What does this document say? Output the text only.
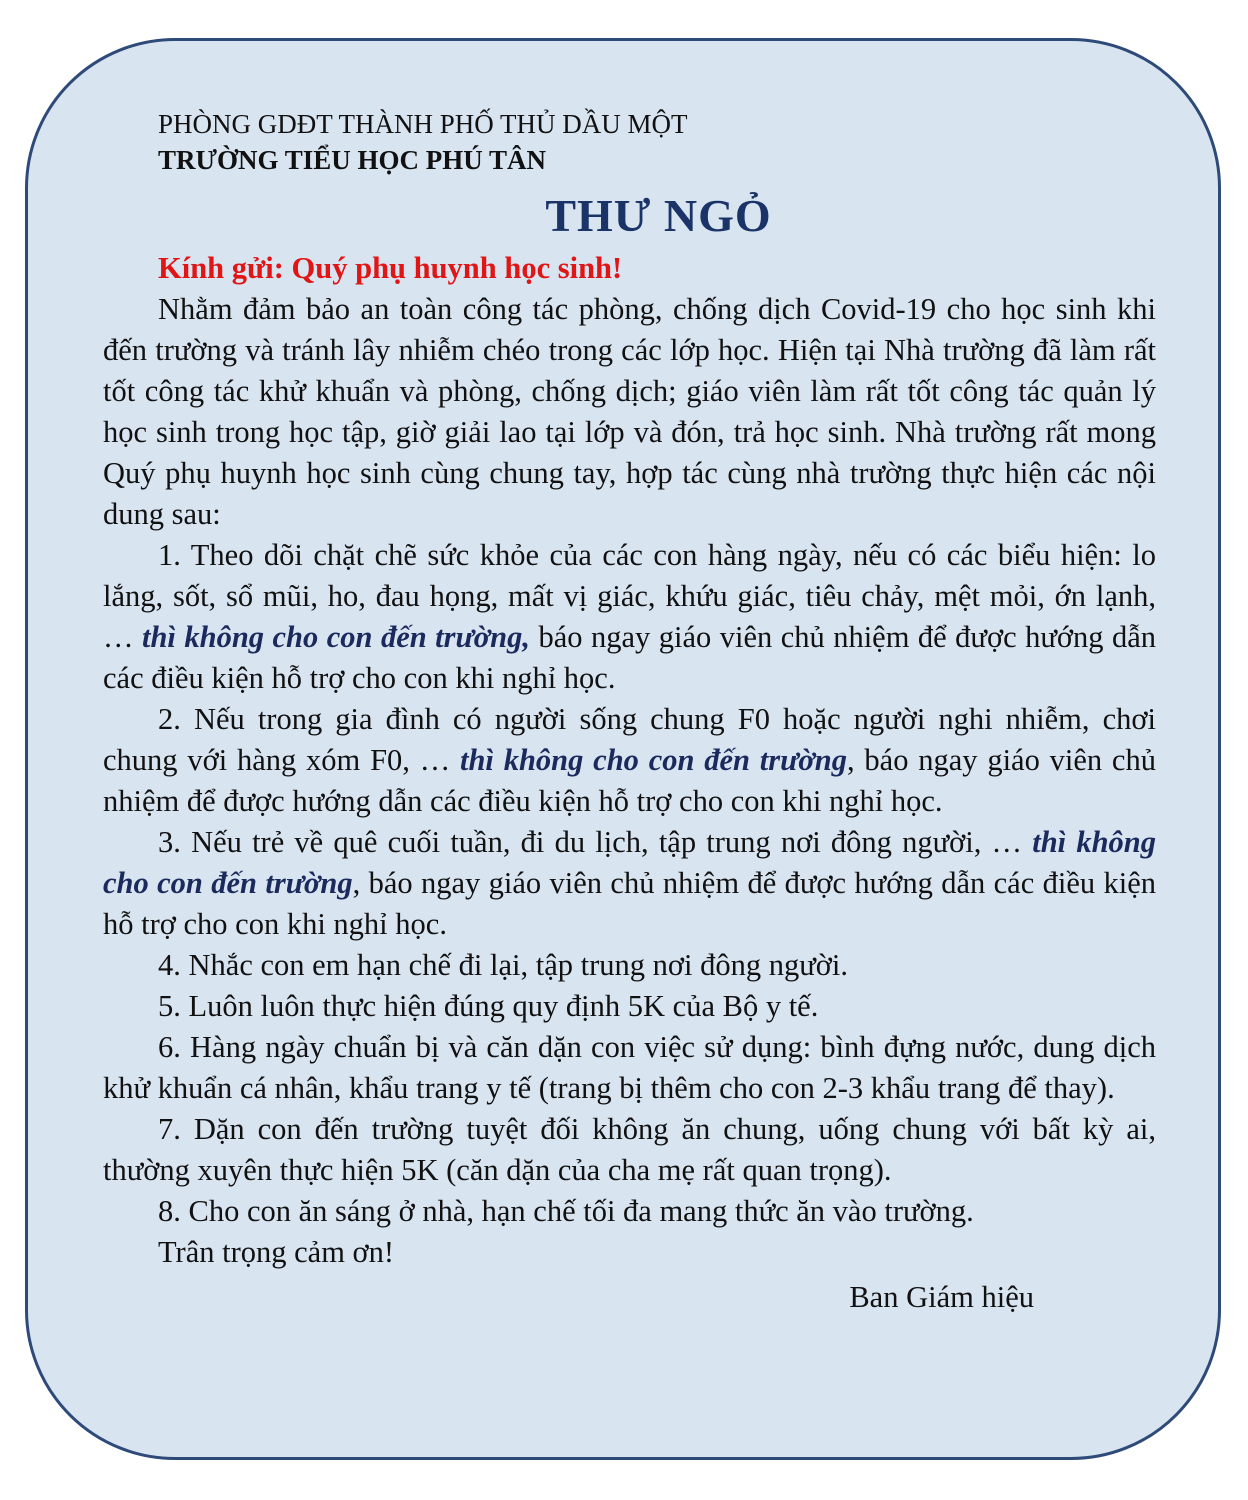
PHÒNG GDĐT THÀNH PHỐ THỦ DẦU MỘT
TRƯỜNG TIỂU HỌC PHÚ TÂN
THƯ NGỎ
Kính gửi: Quý phụ huynh học sinh!

Nhằm đảm bảo an toàn công tác phòng, chống dịch Covid-19 cho học sinh khi đến trường và tránh lây nhiễm chéo trong các lớp học. Hiện tại Nhà trường đã làm rất tốt công tác khử khuẩn và phòng, chống dịch; giáo viên làm rất tốt công tác quản lý học sinh trong học tập, giờ giải lao tại lớp và đón, trả học sinh. Nhà trường rất mong Quý phụ huynh học sinh cùng chung tay, hợp tác cùng nhà trường thực hiện các nội dung sau:

1. Theo dõi chặt chẽ sức khỏe của các con hàng ngày, nếu có các biểu hiện: lo lắng, sốt, sổ mũi, ho, đau họng, mất vị giác, khứu giác, tiêu chảy, mệt mỏi, ớn lạnh, … thì không cho con đến trường, báo ngay giáo viên chủ nhiệm để được hướng dẫn các điều kiện hỗ trợ cho con khi nghỉ học.

2. Nếu trong gia đình có người sống chung F0 hoặc người nghi nhiễm, chơi chung với hàng xóm F0, … thì không cho con đến trường, báo ngay giáo viên chủ nhiệm để được hướng dẫn các điều kiện hỗ trợ cho con khi nghỉ học.

3. Nếu trẻ về quê cuối tuần, đi du lịch, tập trung nơi đông người, … thì không cho con đến trường, báo ngay giáo viên chủ nhiệm để được hướng dẫn các điều kiện hỗ trợ cho con khi nghỉ học.

4. Nhắc con em hạn chế đi lại, tập trung nơi đông người.

5. Luôn luôn thực hiện đúng quy định 5K của Bộ y tế.

6. Hàng ngày chuẩn bị và căn dặn con việc sử dụng: bình đựng nước, dung dịch khử khuẩn cá nhân, khẩu trang y tế (trang bị thêm cho con 2-3 khẩu trang để thay).

7. Dặn con đến trường tuyệt đối không ăn chung, uống chung với bất kỳ ai, thường xuyên thực hiện 5K (căn dặn của cha mẹ rất quan trọng).

8. Cho con ăn sáng ở nhà, hạn chế tối đa mang thức ăn vào trường.

Trân trọng cảm ơn!
Ban Giám hiệu
